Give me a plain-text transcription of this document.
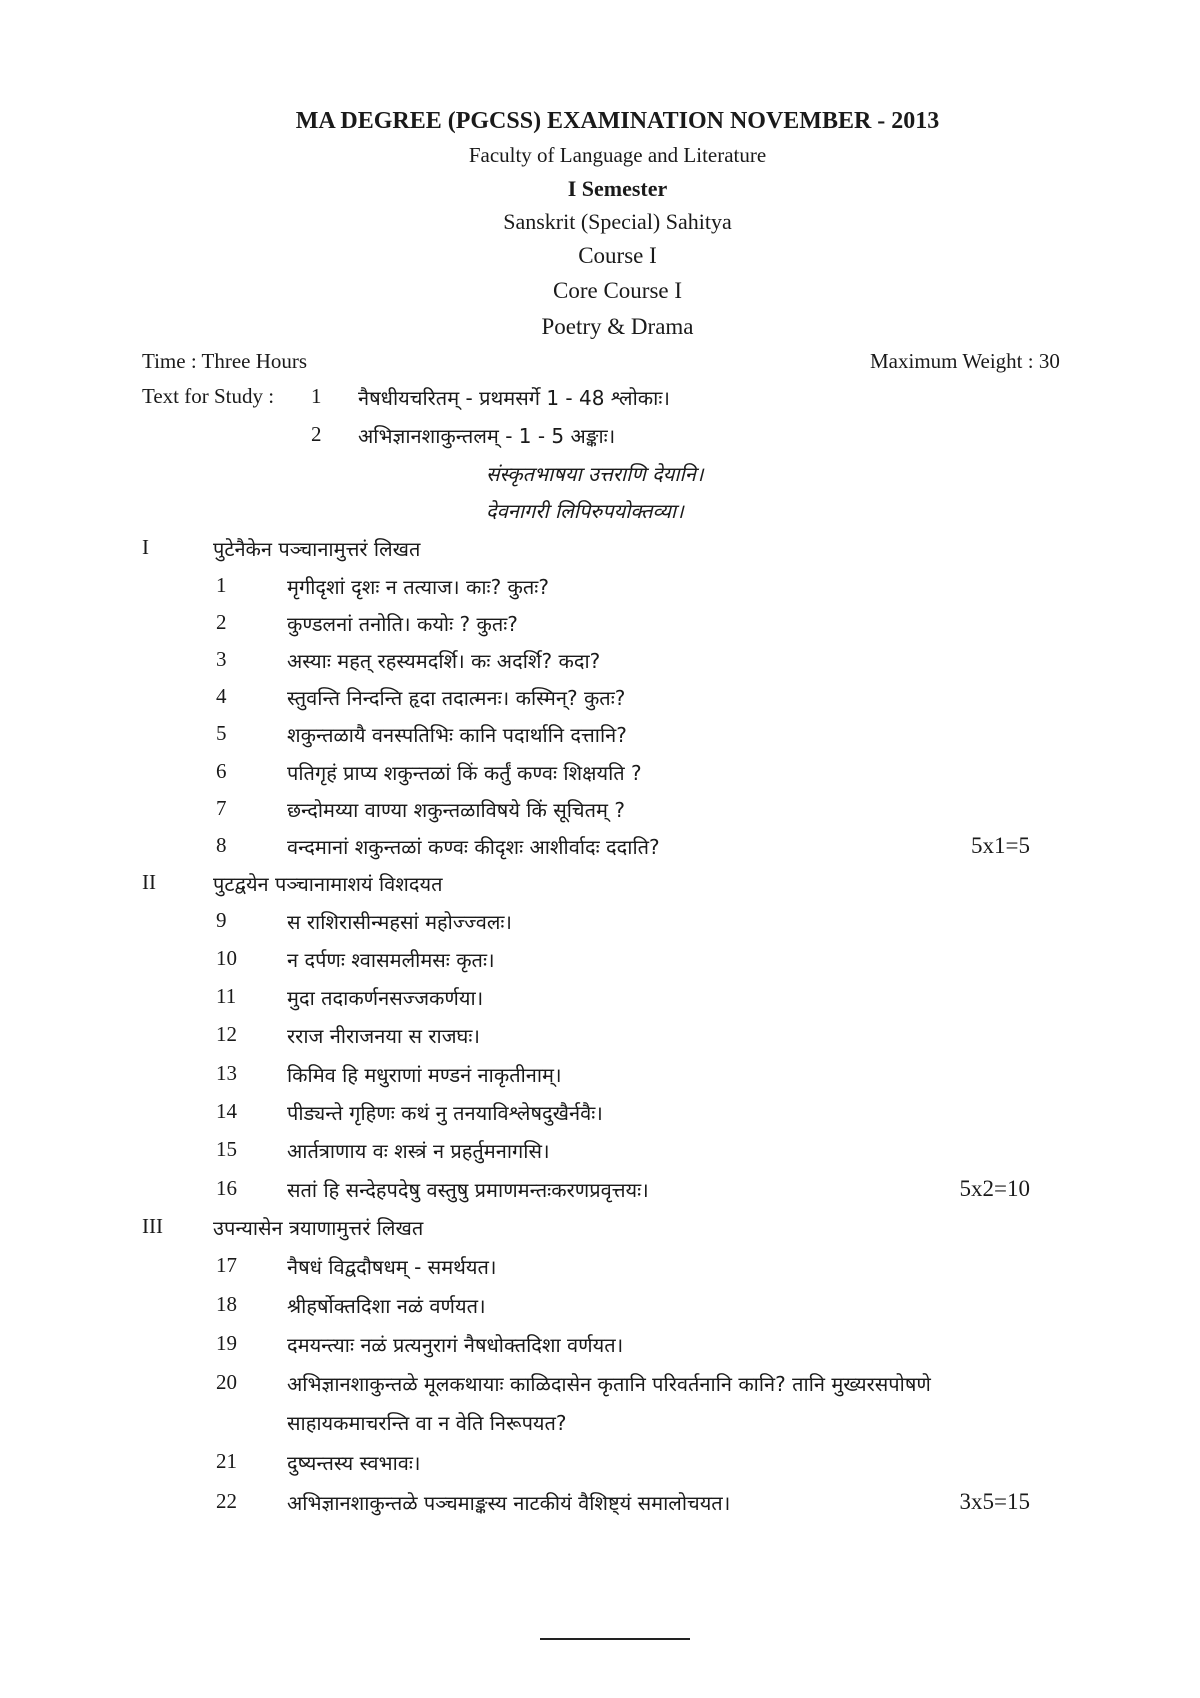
MA DEGREE (PGCSS) EXAMINATION NOVEMBER - 2013
Faculty of Language and Literature
I Semester
Sanskrit (Special) Sahitya
Course I
Core Course I
Poetry & Drama
Time : Three Hours	Maximum Weight : 30
Text for Study : 1 नैषधीयचरितम् - प्रथमसर्गे 1 - 48 श्लोकाः।
2 अभिज्ञानशाकुन्तलम् - 1 - 5 अङ्काः।
संस्कृतभाषया उत्तराणि देयानि।
देवनागरी लिपिरुपयोक्तव्या।
I	पुटेनैकेन पञ्चानामुत्तरं लिखत
1	मृगीदृशां दृशः न तत्याज। काः? कुतः?
2	कुण्डलनां तनोति। कयोः ? कुतः?
3	अस्याः महत् रहस्यमदर्शि। कः अदर्शि? कदा?
4	स्तुवन्ति निन्दन्ति हृदा तदात्मनः। कस्मिन्? कुतः?
5	शकुन्तळायै वनस्पतिभिः कानि पदार्थानि दत्तानि?
6	पतिगृहं प्राप्य शकुन्तळां किं कर्तुं कण्वः शिक्षयति ?
7	छन्दोमय्या वाण्या शकुन्तळाविषये किं सूचितम् ?
8	वन्दमानां शकुन्तळां कण्वः कीदृशः आशीर्वादः ददाति?	5x1=5
II	पुटद्वयेन पञ्चानामाशयं विशदयत
9	स राशिरासीन्महसां महोज्ज्वलः।
10	न दर्पणः श्वासमलीमसः कृतः।
11	मुदा तदाकर्णनसज्जकर्णया।
12	रराज नीराजनया स राजघः।
13	किमिव हि मधुराणां मण्डनं नाकृतीनाम्।
14	पीड्यन्ते गृहिणः कथं नु तनयाविश्लेषदुखैर्नवैः।
15	आर्तत्राणाय वः शस्त्रं न प्रहर्तुमनागसि।
16	सतां हि सन्देहपदेषु वस्तुषु प्रमाणमन्तःकरणप्रवृत्तयः।	5x2=10
III	उपन्यासेन त्रयाणामुत्तरं लिखत
17	नैषधं विद्वदौषधम् - समर्थयत।
18	श्रीहर्षोक्तदिशा नळं वर्णयत।
19	दमयन्त्याः नळं प्रत्यनुरागं नैषधोक्तदिशा वर्णयत।
20	अभिज्ञानशाकुन्तळे मूलकथायाः काळिदासेन कृतानि परिवर्तनानि कानि? तानि मुख्यरसपोषणे
साहायकमाचरन्ति वा न वेति निरूपयत?
21	दुष्यन्तस्य स्वभावः।
22	अभिज्ञानशाकुन्तळे पञ्चमाङ्कस्य नाटकीयं वैशिष्ट्यं समालोचयत।	3x5=15
